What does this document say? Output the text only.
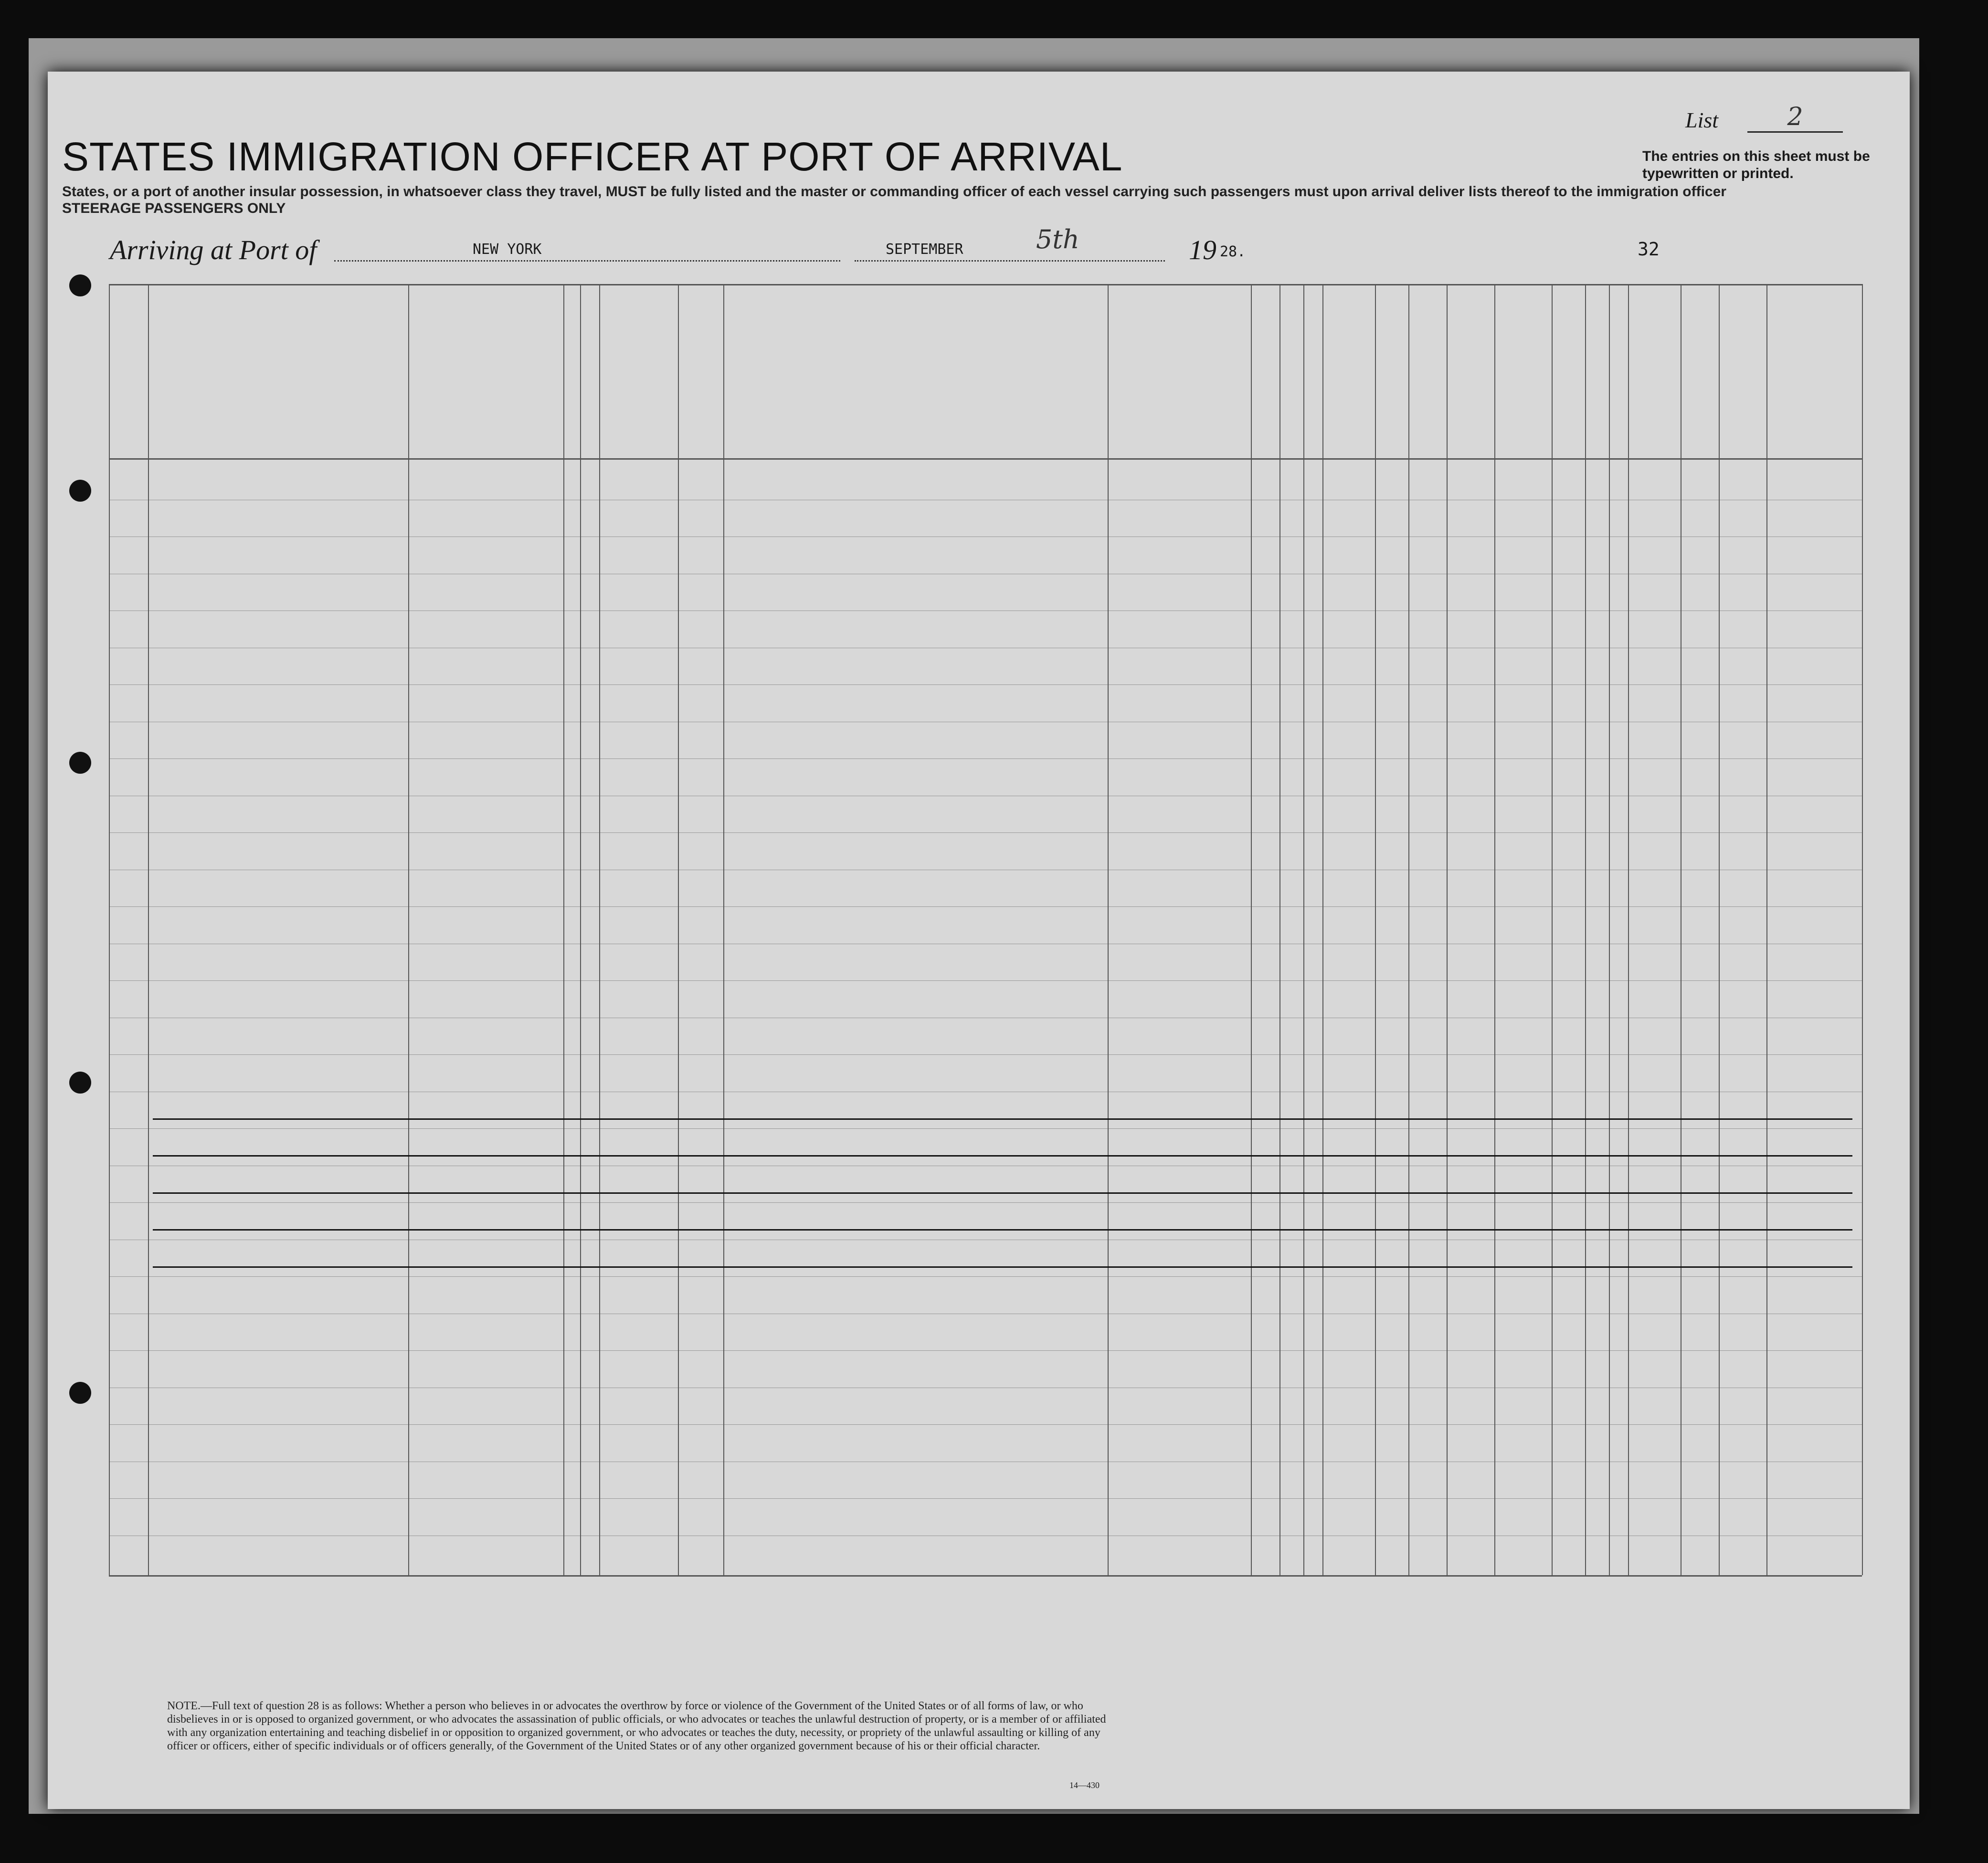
List	2
STATES IMMIGRATION OFFICER AT PORT OF ARRIVAL
States, or a port of another insular possession, in whatsoever class they travel, MUST be fully listed and the master or commanding officer of each vessel carrying such passengers must upon arrival deliver lists thereof to the immigration officer
STEERAGE PASSENGERS ONLY
The entries on this sheet must be typewritten or printed.
Arriving at Port of	NEW YORK	SEPTEMBER	5th	19 28.	32
NOTE.—Full text of question 28 is as follows: Whether a person who believes in or advocates the overthrow by force or violence of the Government of the United States or of all forms of law, or who disbelieves in or is opposed to organized government, or who advocates the assassination of public officials, or who advocates or teaches the unlawful destruction of property, or is a member of or affiliated with any organization entertaining and teaching disbelief in or opposition to organized government, or who advocates or teaches the duty, necessity, or propriety of the unlawful assaulting or killing of any officer or officers, either of specific individuals or of officers generally, of the Government of the United States or of any other organized government because of his or their official character.
14—430
